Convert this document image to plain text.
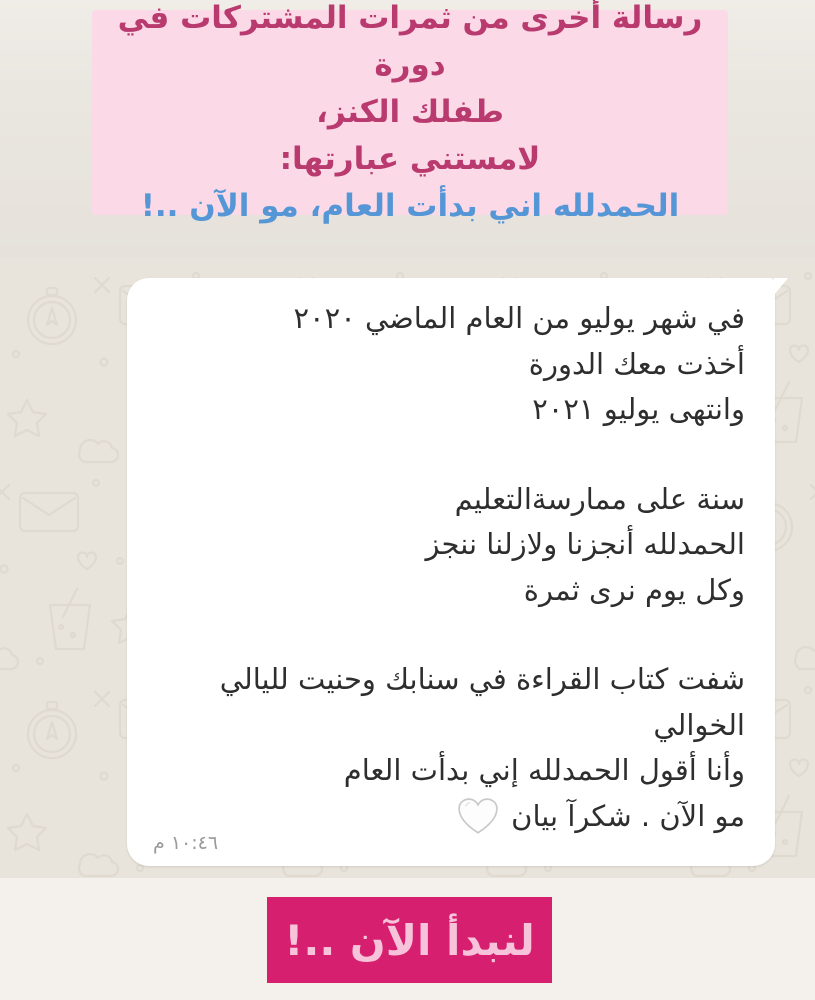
رسالة أخرى من ثمرات المشتركات في دورة
طفلك الكنز،
لامستني عبارتها:
الحمدلله اني بدأت العام، مو الآن ..!
في شهر يوليو من العام الماضي ٢٠٢٠
أخذت معك الدورة
وانتهى يوليو ٢٠٢١
سنة على ممارسةالتعليم
الحمدلله أنجزنا ولازلنا ننجز
وكل يوم نرى ثمرة
شفت كتاب القراءة في سنابك وحنيت لليالي
الخوالي
وأنا أقول الحمدلله إني بدأت العام
مو الآن . شكرآ بيان
١٠:٤٦ م
لنبدأ الآن ..!
